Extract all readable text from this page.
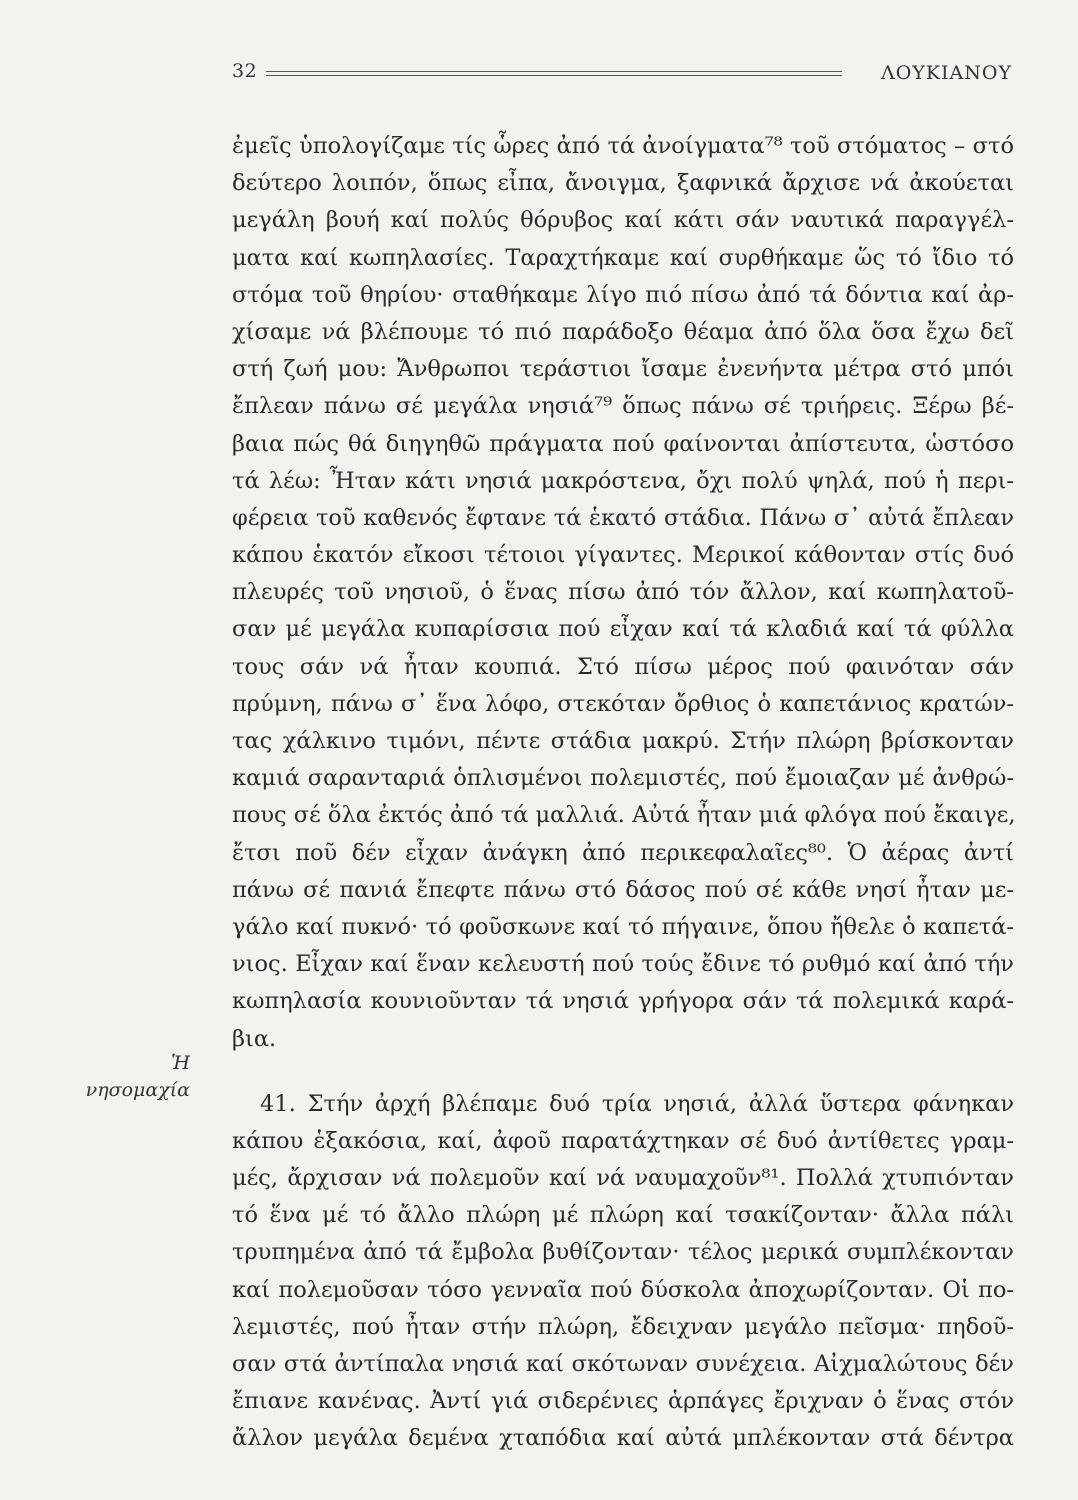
32	ΛΟΥΚΙΑΝΟΥ
Ἡ
νησομαχία
ἐμεῖς ὑπολογίζαμε τίς ὧρες ἀπό τά ἀνοίγματα⁷⁸ τοῦ στόματος – στό
δεύτερο λοιπόν, ὅπως εἶπα, ἄνοιγμα, ξαφνικά ἄρχισε νά ἀκούεται
μεγάλη βουή καί πολύς θόρυβος καί κάτι σάν ναυτικά παραγγέλ-
ματα καί κωπηλασίες. Ταραχτήκαμε καί συρθήκαμε ὥς τό ἴδιο τό
στόμα τοῦ θηρίου· σταθήκαμε λίγο πιό πίσω ἀπό τά δόντια καί ἀρ-
χίσαμε νά βλέπουμε τό πιό παράδοξο θέαμα ἀπό ὅλα ὅσα ἔχω δεῖ
στή ζωή μου: Ἄνθρωποι τεράστιοι ἴσαμε ἐνενήντα μέτρα στό μπόι
ἔπλεαν πάνω σέ μεγάλα νησιά⁷⁹ ὅπως πάνω σέ τριήρεις. Ξέρω βέ-
βαια πώς θά διηγηθῶ πράγματα πού φαίνονται ἀπίστευτα, ὡστόσο
τά λέω: Ἦταν κάτι νησιά μακρόστενα, ὄχι πολύ ψηλά, πού ἡ περι-
φέρεια τοῦ καθενός ἔφτανε τά ἑκατό στάδια. Πάνω σ᾽ αὐτά ἔπλεαν
κάπου ἑκατόν εἴκοσι τέτοιοι γίγαντες. Μερικοί κάθονταν στίς δυό
πλευρές τοῦ νησιοῦ, ὁ ἕνας πίσω ἀπό τόν ἄλλον, καί κωπηλατοῦ-
σαν μέ μεγάλα κυπαρίσσια πού εἶχαν καί τά κλαδιά καί τά φύλλα
τους σάν νά ἦταν κουπιά. Στό πίσω μέρος πού φαινόταν σάν
πρύμνη, πάνω σ᾽ ἕνα λόφο, στεκόταν ὄρθιος ὁ καπετάνιος κρατών-
τας χάλκινο τιμόνι, πέντε στάδια μακρύ. Στήν πλώρη βρίσκονταν
καμιά σαρανταριά ὁπλισμένοι πολεμιστές, πού ἔμοιαζαν μέ ἀνθρώ-
πους σέ ὅλα ἐκτός ἀπό τά μαλλιά. Αὐτά ἦταν μιά φλόγα πού ἔκαιγε,
ἔτσι ποῦ δέν εἶχαν ἀνάγκη ἀπό περικεφαλαῖες⁸⁰. Ὁ ἀέρας ἀντί
πάνω σέ πανιά ἔπεφτε πάνω στό δάσος πού σέ κάθε νησί ἦταν με-
γάλο καί πυκνό· τό φοῦσκωνε καί τό πήγαινε, ὅπου ἤθελε ὁ καπετά-
νιος. Εἶχαν καί ἕναν κελευστή πού τούς ἔδινε τό ρυθμό καί ἀπό τήν
κωπηλασία κουνιοῦνταν τά νησιά γρήγορα σάν τά πολεμικά καρά-
βια.
41. Στήν ἀρχή βλέπαμε δυό τρία νησιά, ἀλλά ὕστερα φάνηκαν
κάπου ἑξακόσια, καί, ἀφοῦ παρατάχτηκαν σέ δυό ἀντίθετες γραμ-
μές, ἄρχισαν νά πολεμοῦν καί νά ναυμαχοῦν⁸¹. Πολλά χτυπιόνταν
τό ἕνα μέ τό ἄλλο πλώρη μέ πλώρη καί τσακίζονταν· ἄλλα πάλι
τρυπημένα ἀπό τά ἔμβολα βυθίζονταν· τέλος μερικά συμπλέκονταν
καί πολεμοῦσαν τόσο γενναῖα πού δύσκολα ἀποχωρίζονταν. Οἱ πο-
λεμιστές, πού ἦταν στήν πλώρη, ἔδειχναν μεγάλο πεῖσμα· πηδοῦ-
σαν στά ἀντίπαλα νησιά καί σκότωναν συνέχεια. Αἰχμαλώτους δέν
ἔπιανε κανένας. Ἀντί γιά σιδερένιες ἁρπάγες ἔριχναν ὁ ἕνας στόν
ἄλλον μεγάλα δεμένα χταπόδια καί αὐτά μπλέκονταν στά δέντρα
